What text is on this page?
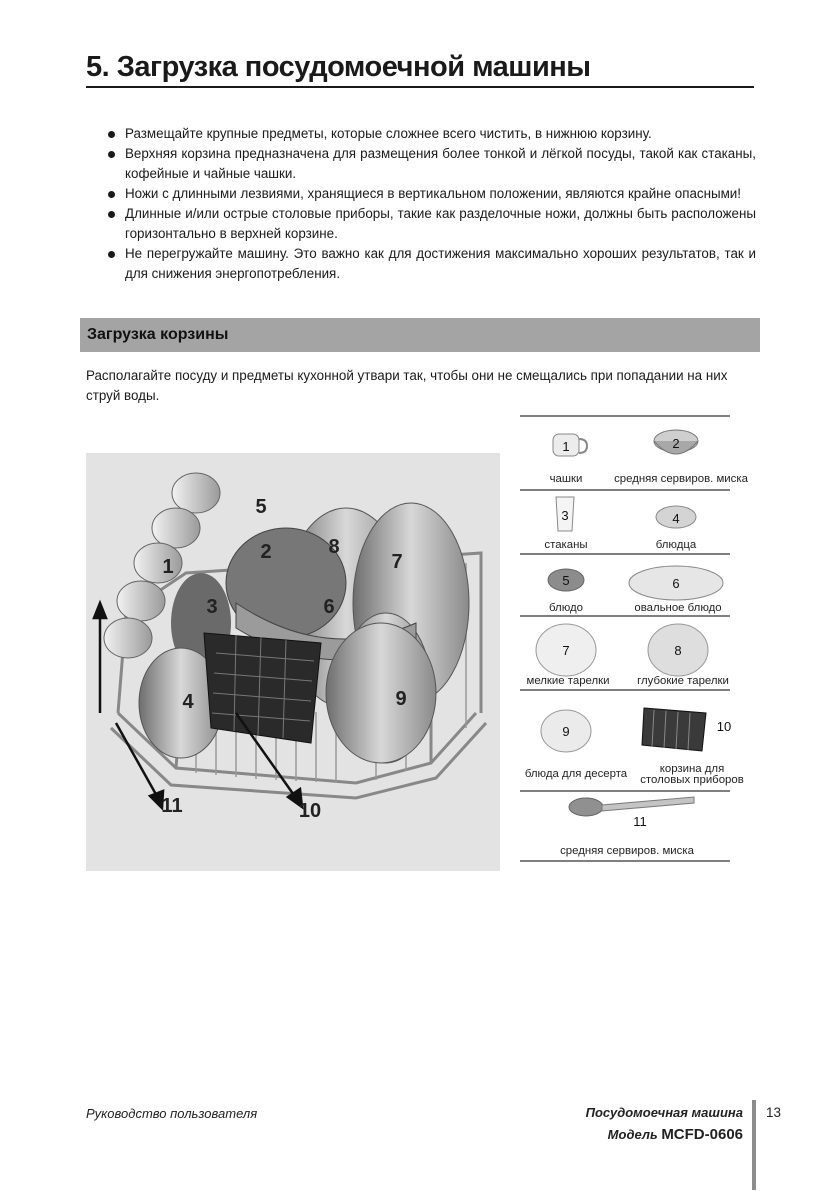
5. Загрузка посудомоечной машины
Размещайте крупные предметы, которые сложнее всего чистить, в нижнюю корзину.
Верхняя корзина предназначена для размещения более тонкой и лёгкой посуды, такой как стаканы, кофейные и чайные чашки.
Ножи с длинными лезвиями, хранящиеся в вертикальном положении, являются крайне опасными!
Длинные и/или острые столовые приборы, такие как разделочные ножи, должны быть расположены горизонтально в верхней корзине.
Не перегружайте машину. Это важно как для достижения максимально хороших результатов, так и для снижения энергопотребления.
Загрузка корзины
Располагайте посуду и предметы кухонной утвари так, чтобы они не смещались при попадании на них струй воды.
1
2
3
4
5
6
7
8
9
10
11
1	2
3	4
5	6
7	8
9	10
11
чашки	средняя сервиров. миска
стаканы	блюдца
блюдо	овальное блюдо
мелкие тарелки	глубокие тарелки
блюда для десерта	корзина для
столовых приборов
средняя сервиров. миска
Руководство пользователя	Посудомоечная машина
Модель MCFD-0606
13
